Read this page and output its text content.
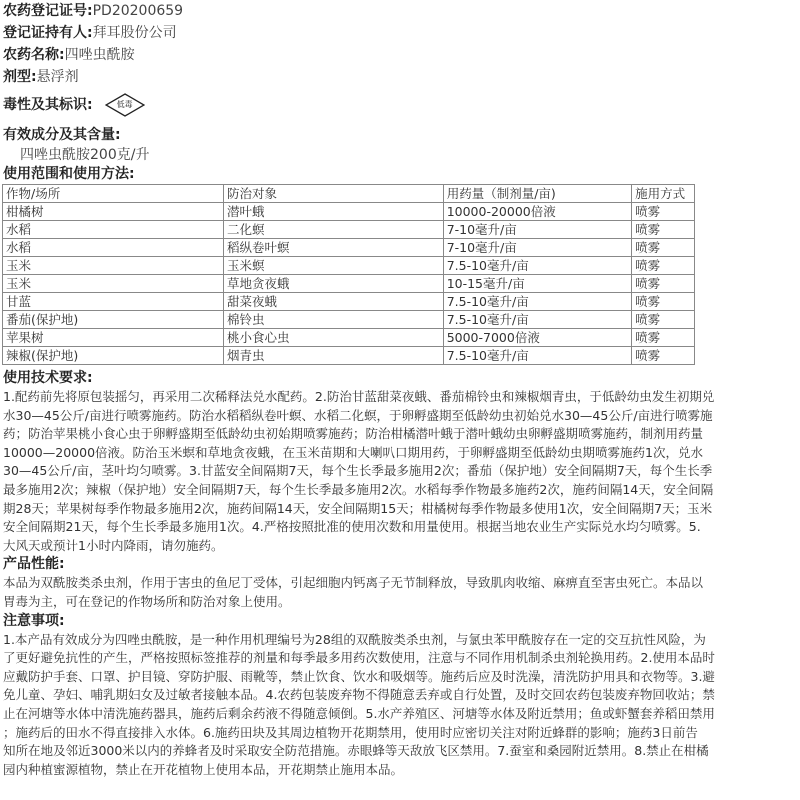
农药登记证号:PD20200659
登记证持有人:拜耳股份公司
农药名称:四唑虫酰胺
剂型:悬浮剂
毒性及其标识:	低毒
有效成分及其含量:
四唑虫酰胺200克/升
使用范围和使用方法:
作物/场所	防治对象	用药量（制剂量/亩)	施用方式
柑橘树	潜叶蛾	10000-20000倍液	喷雾
水稻	二化螟	7-10毫升/亩	喷雾
水稻	稻纵卷叶螟	7-10毫升/亩	喷雾
玉米	玉米螟	7.5-10毫升/亩	喷雾
玉米	草地贪夜蛾	10-15毫升/亩	喷雾
甘蓝	甜菜夜蛾	7.5-10毫升/亩	喷雾
番茄(保护地)	棉铃虫	7.5-10毫升/亩	喷雾
苹果树	桃小食心虫	5000-7000倍液	喷雾
辣椒(保护地)	烟青虫	7.5-10毫升/亩	喷雾
使用技术要求:
1.配药前先将原包装摇匀，再采用二次稀释法兑水配药。2.防治甘蓝甜菜夜蛾、番茄棉铃虫和辣椒烟青虫，于低龄幼虫发生初期兑
水30—45公斤/亩进行喷雾施药。防治水稻稻纵卷叶螟、水稻二化螟，于卵孵盛期至低龄幼虫初始兑水30—45公斤/亩进行喷雾施
药；防治苹果桃小食心虫于卵孵盛期至低龄幼虫初始期喷雾施药；防治柑橘潜叶蛾于潜叶蛾幼虫卵孵盛期喷雾施药，制剂用药量
10000—20000倍液。防治玉米螟和草地贪夜蛾，在玉米苗期和大喇叭口期用药，于卵孵盛期至低龄幼虫期喷雾施药1次，兑水
30—45公斤/亩，茎叶均匀喷雾。3.甘蓝安全间隔期7天，每个生长季最多施用2次；番茄（保护地）安全间隔期7天，每个生长季
最多施用2次；辣椒（保护地）安全间隔期7天，每个生长季最多施用2次。水稻每季作物最多施药2次，施药间隔14天，安全间隔
期28天；苹果树每季作物最多施用2次，施药间隔14天，安全间隔期15天；柑橘树每季作物最多使用1次，安全间隔期7天；玉米
安全间隔期21天，每个生长季最多施用1次。4.严格按照批准的使用次数和用量使用。根据当地农业生产实际兑水均匀喷雾。5.
大风天或预计1小时内降雨，请勿施药。
产品性能:
本品为双酰胺类杀虫剂，作用于害虫的鱼尼丁受体，引起细胞内钙离子无节制释放，导致肌肉收缩、麻痹直至害虫死亡。本品以
胃毒为主，可在登记的作物场所和防治对象上使用。
注意事项:
1.本产品有效成分为四唑虫酰胺，是一种作用机理编号为28组的双酰胺类杀虫剂，与氯虫苯甲酰胺存在一定的交互抗性风险，为
了更好避免抗性的产生，严格按照标签推荐的剂量和每季最多用药次数使用，注意与不同作用机制杀虫剂轮换用药。2.使用本品时
应戴防护手套、口罩、护目镜、穿防护服、雨靴等，禁止饮食、饮水和吸烟等。施药后应及时洗澡，清洗防护用具和衣物等。3.避
免儿童、孕妇、哺乳期妇女及过敏者接触本品。4.农药包装废弃物不得随意丢弃或自行处置，及时交回农药包装废弃物回收站；禁
止在河塘等水体中清洗施药器具，施药后剩余药液不得随意倾倒。5.水产养殖区、河塘等水体及附近禁用；鱼或虾蟹套养稻田禁用
；施药后的田水不得直接排入水体。6.施药田块及其周边植物开花期禁用，使用时应密切关注对附近蜂群的影响；施药3日前告
知所在地及邻近3000米以内的养蜂者及时采取安全防范措施。赤眼蜂等天敌放飞区禁用。7.蚕室和桑园附近禁用。8.禁止在柑橘
园内种植蜜源植物，禁止在开花植物上使用本品，开花期禁止施用本品。
